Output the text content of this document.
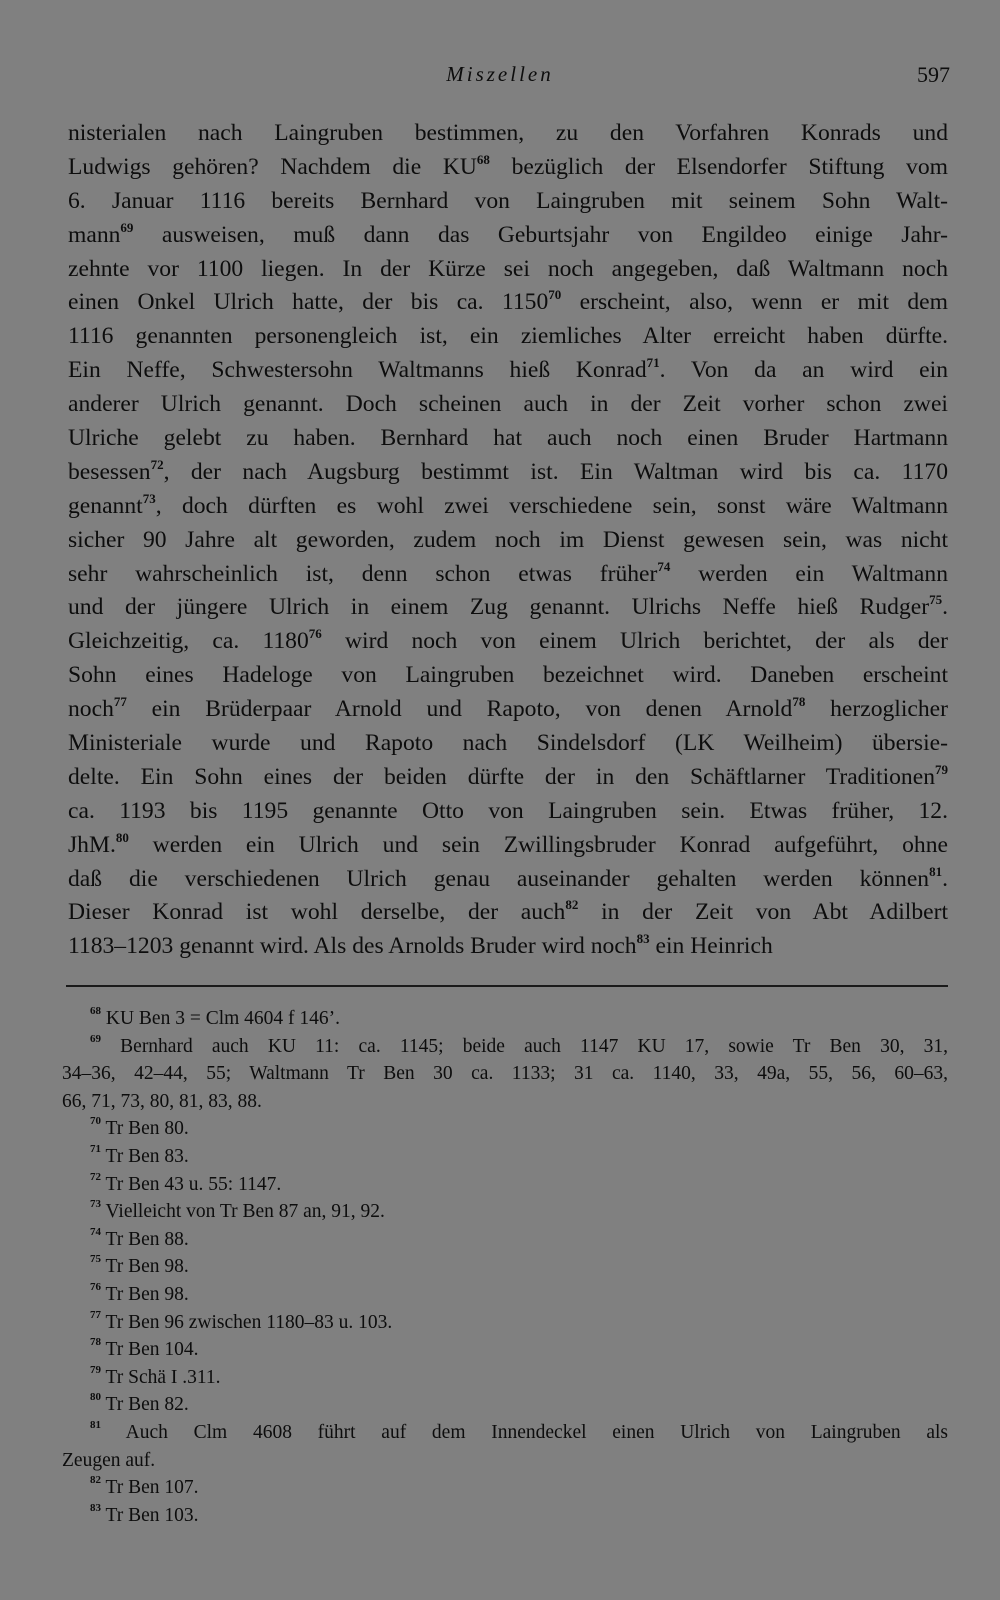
Miszellen	597
nisterialen nach Laingruben bestimmen, zu den Vorfahren Konrads und
Ludwigs gehören? Nachdem die KU$^{68}$ bezüglich der Elsendorfer Stiftung vom
6. Januar 1116 bereits Bernhard von Laingruben mit seinem Sohn Walt-
mann$^{69}$ ausweisen, muß dann das Geburtsjahr von Engildeo einige Jahr-
zehnte vor 1100 liegen. In der Kürze sei noch angegeben, daß Waltmann noch
einen Onkel Ulrich hatte, der bis ca. 1150$^{70}$ erscheint, also, wenn er mit dem
1116 genannten personengleich ist, ein ziemliches Alter erreicht haben dürfte.
Ein Neffe, Schwestersohn Waltmanns hieß Konrad$^{71}$. Von da an wird ein
anderer Ulrich genannt. Doch scheinen auch in der Zeit vorher schon zwei
Ulriche gelebt zu haben. Bernhard hat auch noch einen Bruder Hartmann
besessen$^{72}$, der nach Augsburg bestimmt ist. Ein Waltman wird bis ca. 1170
genannt$^{73}$, doch dürften es wohl zwei verschiedene sein, sonst wäre Waltmann
sicher 90 Jahre alt geworden, zudem noch im Dienst gewesen sein, was nicht
sehr wahrscheinlich ist, denn schon etwas früher$^{74}$ werden ein Waltmann
und der jüngere Ulrich in einem Zug genannt. Ulrichs Neffe hieß Rudger$^{75}$.
Gleichzeitig, ca. 1180$^{76}$ wird noch von einem Ulrich berichtet, der als der
Sohn eines Hadeloge von Laingruben bezeichnet wird. Daneben erscheint
noch$^{77}$ ein Brüderpaar Arnold und Rapoto, von denen Arnold$^{78}$ herzoglicher
Ministeriale wurde und Rapoto nach Sindelsdorf (LK Weilheim) übersie-
delte. Ein Sohn eines der beiden dürfte der in den Schäftlarner Traditionen$^{79}$
ca. 1193 bis 1195 genannte Otto von Laingruben sein. Etwas früher, 12.
JhM.$^{80}$ werden ein Ulrich und sein Zwillingsbruder Konrad aufgeführt, ohne
daß die verschiedenen Ulrich genau auseinander gehalten werden können$^{81}$.
Dieser Konrad ist wohl derselbe, der auch$^{82}$ in der Zeit von Abt Adilbert
1183–1203 genannt wird. Als des Arnolds Bruder wird noch$^{83}$ ein Heinrich
$^{68}$ KU Ben 3 = Clm 4604 f 146’.
$^{69}$ Bernhard auch KU 11: ca. 1145; beide auch 1147 KU 17, sowie Tr Ben 30, 31,
34–36, 42–44, 55; Waltmann Tr Ben 30 ca. 1133; 31 ca. 1140, 33, 49a, 55, 56, 60–63,
66, 71, 73, 80, 81, 83, 88.
$^{70}$ Tr Ben 80.
$^{71}$ Tr Ben 83.
$^{72}$ Tr Ben 43 u. 55: 1147.
$^{73}$ Vielleicht von Tr Ben 87 an, 91, 92.
$^{74}$ Tr Ben 88.
$^{75}$ Tr Ben 98.
$^{76}$ Tr Ben 98.
$^{77}$ Tr Ben 96 zwischen 1180–83 u. 103.
$^{78}$ Tr Ben 104.
$^{79}$ Tr Schä I .311.
$^{80}$ Tr Ben 82.
$^{81}$ Auch Clm 4608 führt auf dem Innendeckel einen Ulrich von Laingruben als
Zeugen auf.
$^{82}$ Tr Ben 107.
$^{83}$ Tr Ben 103.
